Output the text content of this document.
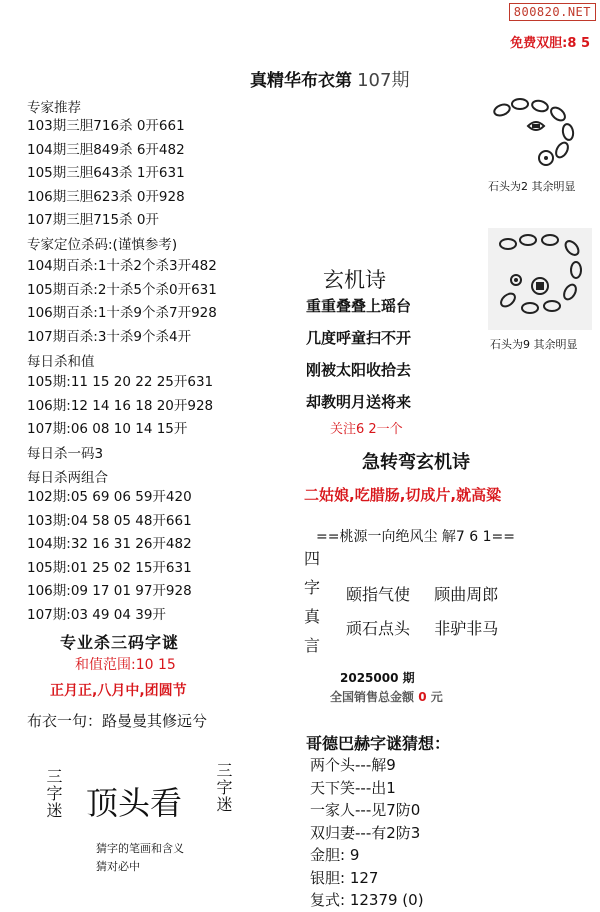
800820.NET
免费双胆:8 5
真精华布衣第 107期
专家推荐
103期三胆716杀 0开661
104期三胆849杀 6开482
105期三胆643杀 1开631
106期三胆623杀 0开928
107期三胆715杀 0开
专家定位杀码:(谨慎参考)
104期百杀:1十杀2个杀3开482
105期百杀:2十杀5个杀0开631
106期百杀:1十杀9个杀7开928
107期百杀:3十杀9个杀4开
每日杀和值
105期:11 15 20 22 25开631
106期:12 14 16 18 20开928
107期:06 08 10 14 15开
每日杀一码3
每日杀两组合
102期:05 69 06 59开420
103期:04 58 05 48开661
104期:32 16 31 26开482
105期:01 25 02 15开631
106期:09 17 01 97开928
107期:03 49 04 39开
专业杀三码字谜
和值范围:10 15
正月正,八月中,团圆节
布衣一句：路曼曼其修远兮
三字迷 顶头看 三字迷
猜字的笔画和含义
猜对必中
石头为2 其余明显
石头为9 其余明显
玄机诗
重重叠叠上瑶台
几度呼童扫不开
刚被太阳收拾去
却教明月送将来
关注6 2一个
急转弯玄机诗
二姑娘,吃腊肠,切成片,就高粱
==桃源一向绝风尘 解7 6 1==
四
字
真
言
颐指气使 顾曲周郎
顽石点头 非驴非马
2025000 期
全国销售总金额 0 元
哥德巴赫字谜猜想：
两个头---解9
天下笑---出1
一家人---见7防0
双归妻---有2防3
金胆: 9
银胆: 127
复式: 12379 (0)
